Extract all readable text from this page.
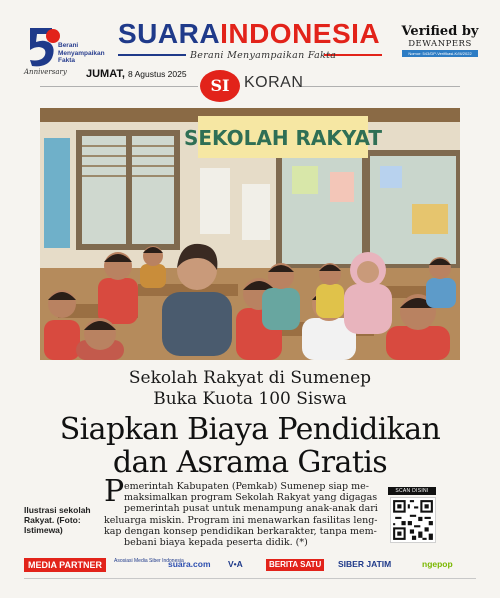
Berani Menyampaikan Fakta
Anniversary
SUARAINDONESIA
Berani Menyampaikan Fakta
Verified by
DEWANPERS
Nomor: 543/DP-Verifikasi-K/III/2022
JUMAT, 8 Agustus 2025
SI KORAN
SEKOLAH RAKYAT
Sekolah Rakyat di Sumenep
Buka Kuota 100 Siswa
Siapkan Biaya Pendidikan
dan Asrama Gratis
Ilustrasi sekolah Rakyat. (Foto: Istimewa)
P emerintah Kabupaten (Pemkab) Sumenep siap me-
maksimalkan program Sekolah Rakyat yang digagas
pemerintah pusat untuk menampung anak-anak dari
keluarga miskin. Program ini menawarkan fasilitas leng-
kap dengan konsep pendidikan berkarakter, tanpa mem-
bebani biaya kepada peserta didik. (*)
SCAN DISINI
MEDIA PARTNER	Asosiasi Media Siber Indonesia
suara.com V•A	BERITA SATU	SIBER JATIM	ngepop
